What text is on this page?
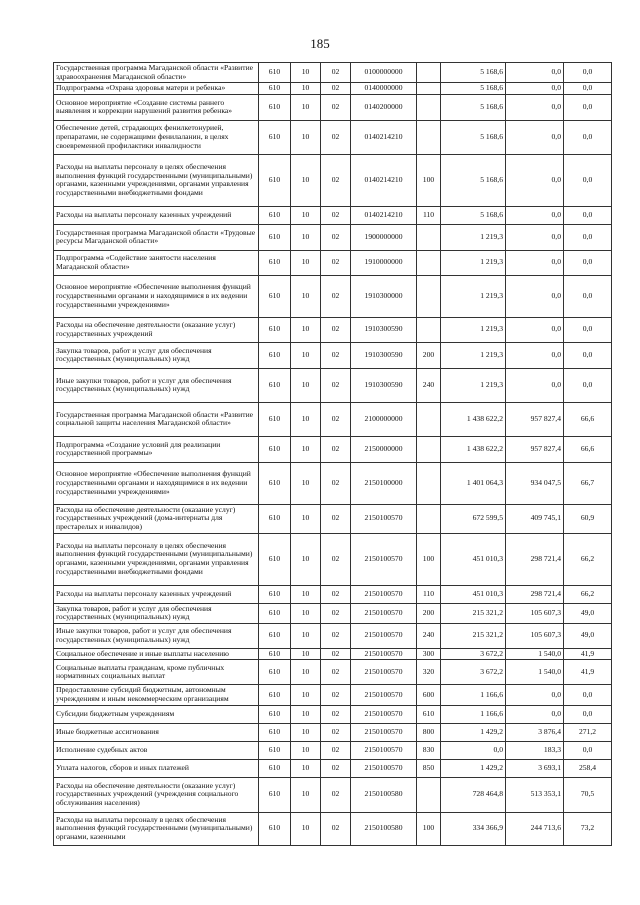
185
Государственная программа Магаданской области «Развитие здравоохранения Магаданской области»	610	10	02	0100000000		5 168,6	0,0	0,0
Подпрограмма «Охрана здоровья матери и ребенка»	610	10	02	0140000000		5 168,6	0,0	0,0
Основное мероприятие «Создание системы раннего выявления и коррекции нарушений развития ребенка»	610	10	02	0140200000		5 168,6	0,0	0,0
Обеспечение детей, страдающих фенилкетонурией, препаратами, не содержащими фенилаланин, в целях своевременной профилактики инвалидности	610	10	02	0140214210		5 168,6	0,0	0,0
Расходы на выплаты персоналу в целях обеспечения выполнения функций государственными (муниципальными) органами, казенными учреждениями, органами управления государственными внебюджетными фондами	610	10	02	0140214210	100	5 168,6	0,0	0,0
Расходы на выплаты персоналу казенных учреждений	610	10	02	0140214210	110	5 168,6	0,0	0,0
Государственная программа Магаданской области «Трудовые ресурсы Магаданской области»	610	10	02	1900000000		1 219,3	0,0	0,0
Подпрограмма «Содействие занятости населения Магаданской области»	610	10	02	1910000000		1 219,3	0,0	0,0
Основное мероприятие «Обеспечение выполнения функций государственными органами и находящимися в их ведении государственными учреждениями»	610	10	02	1910300000		1 219,3	0,0	0,0
Расходы на обеспечение деятельности (оказание услуг) государственных учреждений	610	10	02	1910300590		1 219,3	0,0	0,0
Закупка товаров, работ и услуг для обеспечения государственных (муниципальных) нужд	610	10	02	1910300590	200	1 219,3	0,0	0,0
Иные закупки товаров, работ и услуг для обеспечения государственных (муниципальных) нужд	610	10	02	1910300590	240	1 219,3	0,0	0,0
Государственная программа Магаданской области «Развитие социальной защиты населения Магаданской области»	610	10	02	2100000000		1 438 622,2	957 827,4	66,6
Подпрограмма «Создание условий для реализации государственной программы»	610	10	02	2150000000		1 438 622,2	957 827,4	66,6
Основное мероприятие «Обеспечение выполнения функций государственными органами и находящимися в их ведении государственными учреждениями»	610	10	02	2150100000		1 401 064,3	934 047,5	66,7
Расходы на обеспечение деятельности (оказание услуг) государственных учреждений (дома-интернаты для престарелых и инвалидов)	610	10	02	2150100570		672 599,5	409 745,1	60,9
Расходы на выплаты персоналу в целях обеспечения выполнения функций государственными (муниципальными) органами, казенными учреждениями, органами управления государственными внебюджетными фондами	610	10	02	2150100570	100	451 010,3	298 721,4	66,2
Расходы на выплаты персоналу казенных учреждений	610	10	02	2150100570	110	451 010,3	298 721,4	66,2
Закупка товаров, работ и услуг для обеспечения государственных (муниципальных) нужд	610	10	02	2150100570	200	215 321,2	105 607,3	49,0
Иные закупки товаров, работ и услуг для обеспечения государственных (муниципальных) нужд	610	10	02	2150100570	240	215 321,2	105 607,3	49,0
Социальное обеспечение и иные выплаты населению	610	10	02	2150100570	300	3 672,2	1 540,0	41,9
Социальные выплаты гражданам, кроме публичных нормативных социальных выплат	610	10	02	2150100570	320	3 672,2	1 540,0	41,9
Предоставление субсидий бюджетным, автономным учреждениям и иным некоммерческим организациям	610	10	02	2150100570	600	1 166,6	0,0	0,0
Субсидии бюджетным учреждениям	610	10	02	2150100570	610	1 166,6	0,0	0,0
Иные бюджетные ассигнования	610	10	02	2150100570	800	1 429,2	3 876,4	271,2
Исполнение судебных актов	610	10	02	2150100570	830	0,0	183,3	0,0
Уплата налогов, сборов и иных платежей	610	10	02	2150100570	850	1 429,2	3 693,1	258,4
Расходы на обеспечение деятельности (оказание услуг) государственных учреждений (учреждения социального обслуживания населения)	610	10	02	2150100580		728 464,8	513 353,1	70,5
Расходы на выплаты персоналу в целях обеспечения выполнения функций государственными (муниципальными) органами, казенными	610	10	02	2150100580	100	334 366,9	244 713,6	73,2
